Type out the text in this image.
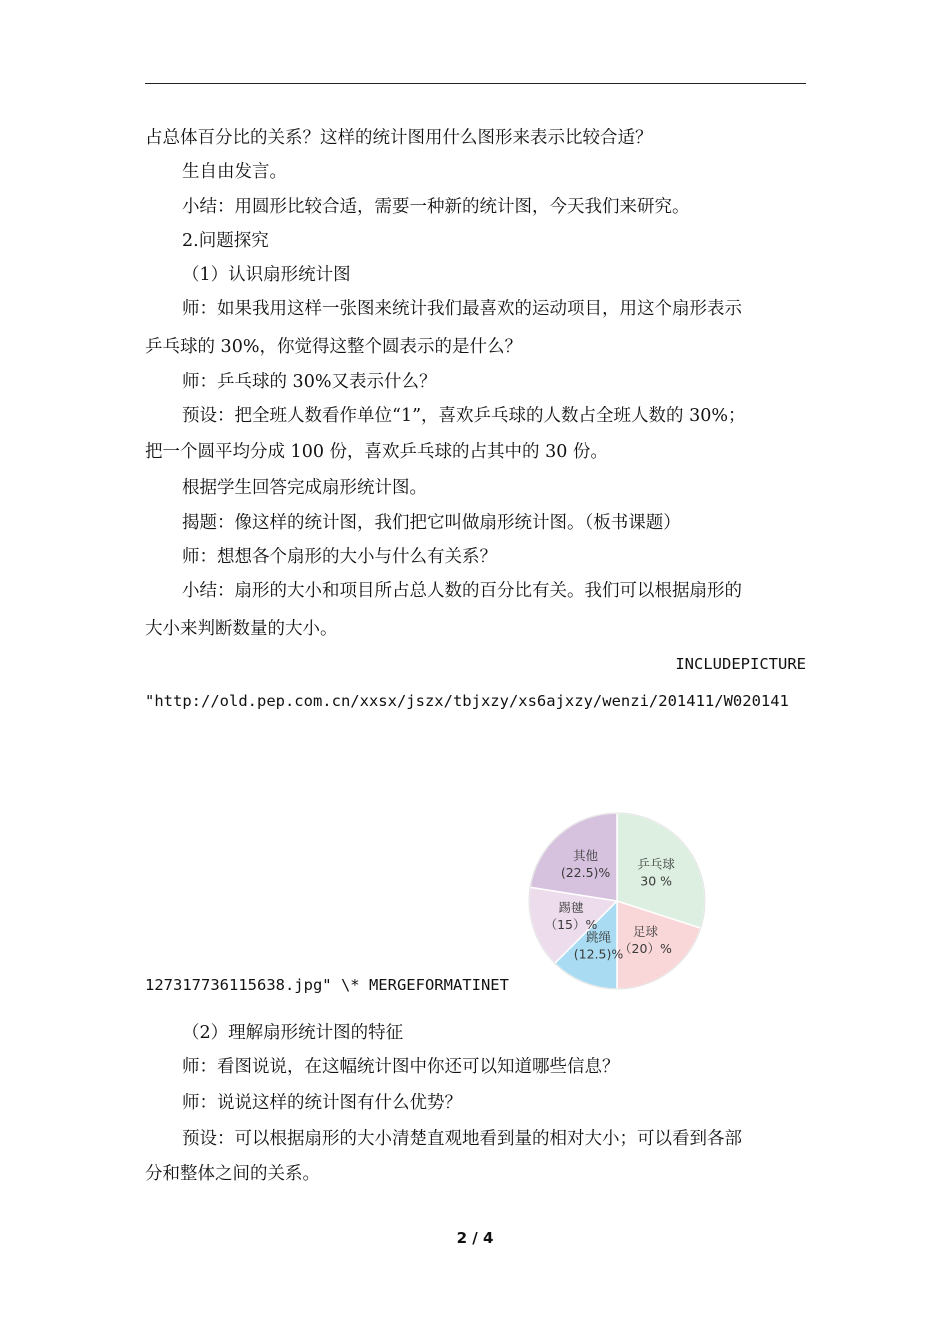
占总体百分比的关系？这样的统计图用什么图形来表示比较合适？
生自由发言。
小结：用圆形比较合适，需要一种新的统计图，今天我们来研究。
2.问题探究
（1）认识扇形统计图
师：如果我用这样一张图来统计我们最喜欢的运动项目，用这个扇形表示
乒乓球的 30%，你觉得这整个圆表示的是什么？
师：乒乓球的 30%又表示什么？
预设：把全班人数看作单位“1”，喜欢乒乓球的人数占全班人数的 30%；
把一个圆平均分成 100 份，喜欢乒乓球的占其中的 30 份。
根据学生回答完成扇形统计图。
揭题：像这样的统计图，我们把它叫做扇形统计图。（板书课题）
师：想想各个扇形的大小与什么有关系？
小结：扇形的大小和项目所占总人数的百分比有关。我们可以根据扇形的
大小来判断数量的大小。
INCLUDEPICTURE
"http://old.pep.com.cn/xxsx/jszx/tbjxzy/xs6ajxzy/wenzi/201411/W020141
127317736115638.jpg" \* MERGEFORMATINET
乒乓球
30 %
足球
（20）%
跳绳
(12.5)%
踢毽
（15）%
其他
(22.5)%
（2）理解扇形统计图的特征
师：看图说说，在这幅统计图中你还可以知道哪些信息？
师：说说这样的统计图有什么优势？
预设：可以根据扇形的大小清楚直观地看到量的相对大小；可以看到各部
分和整体之间的关系。
2 / 4
